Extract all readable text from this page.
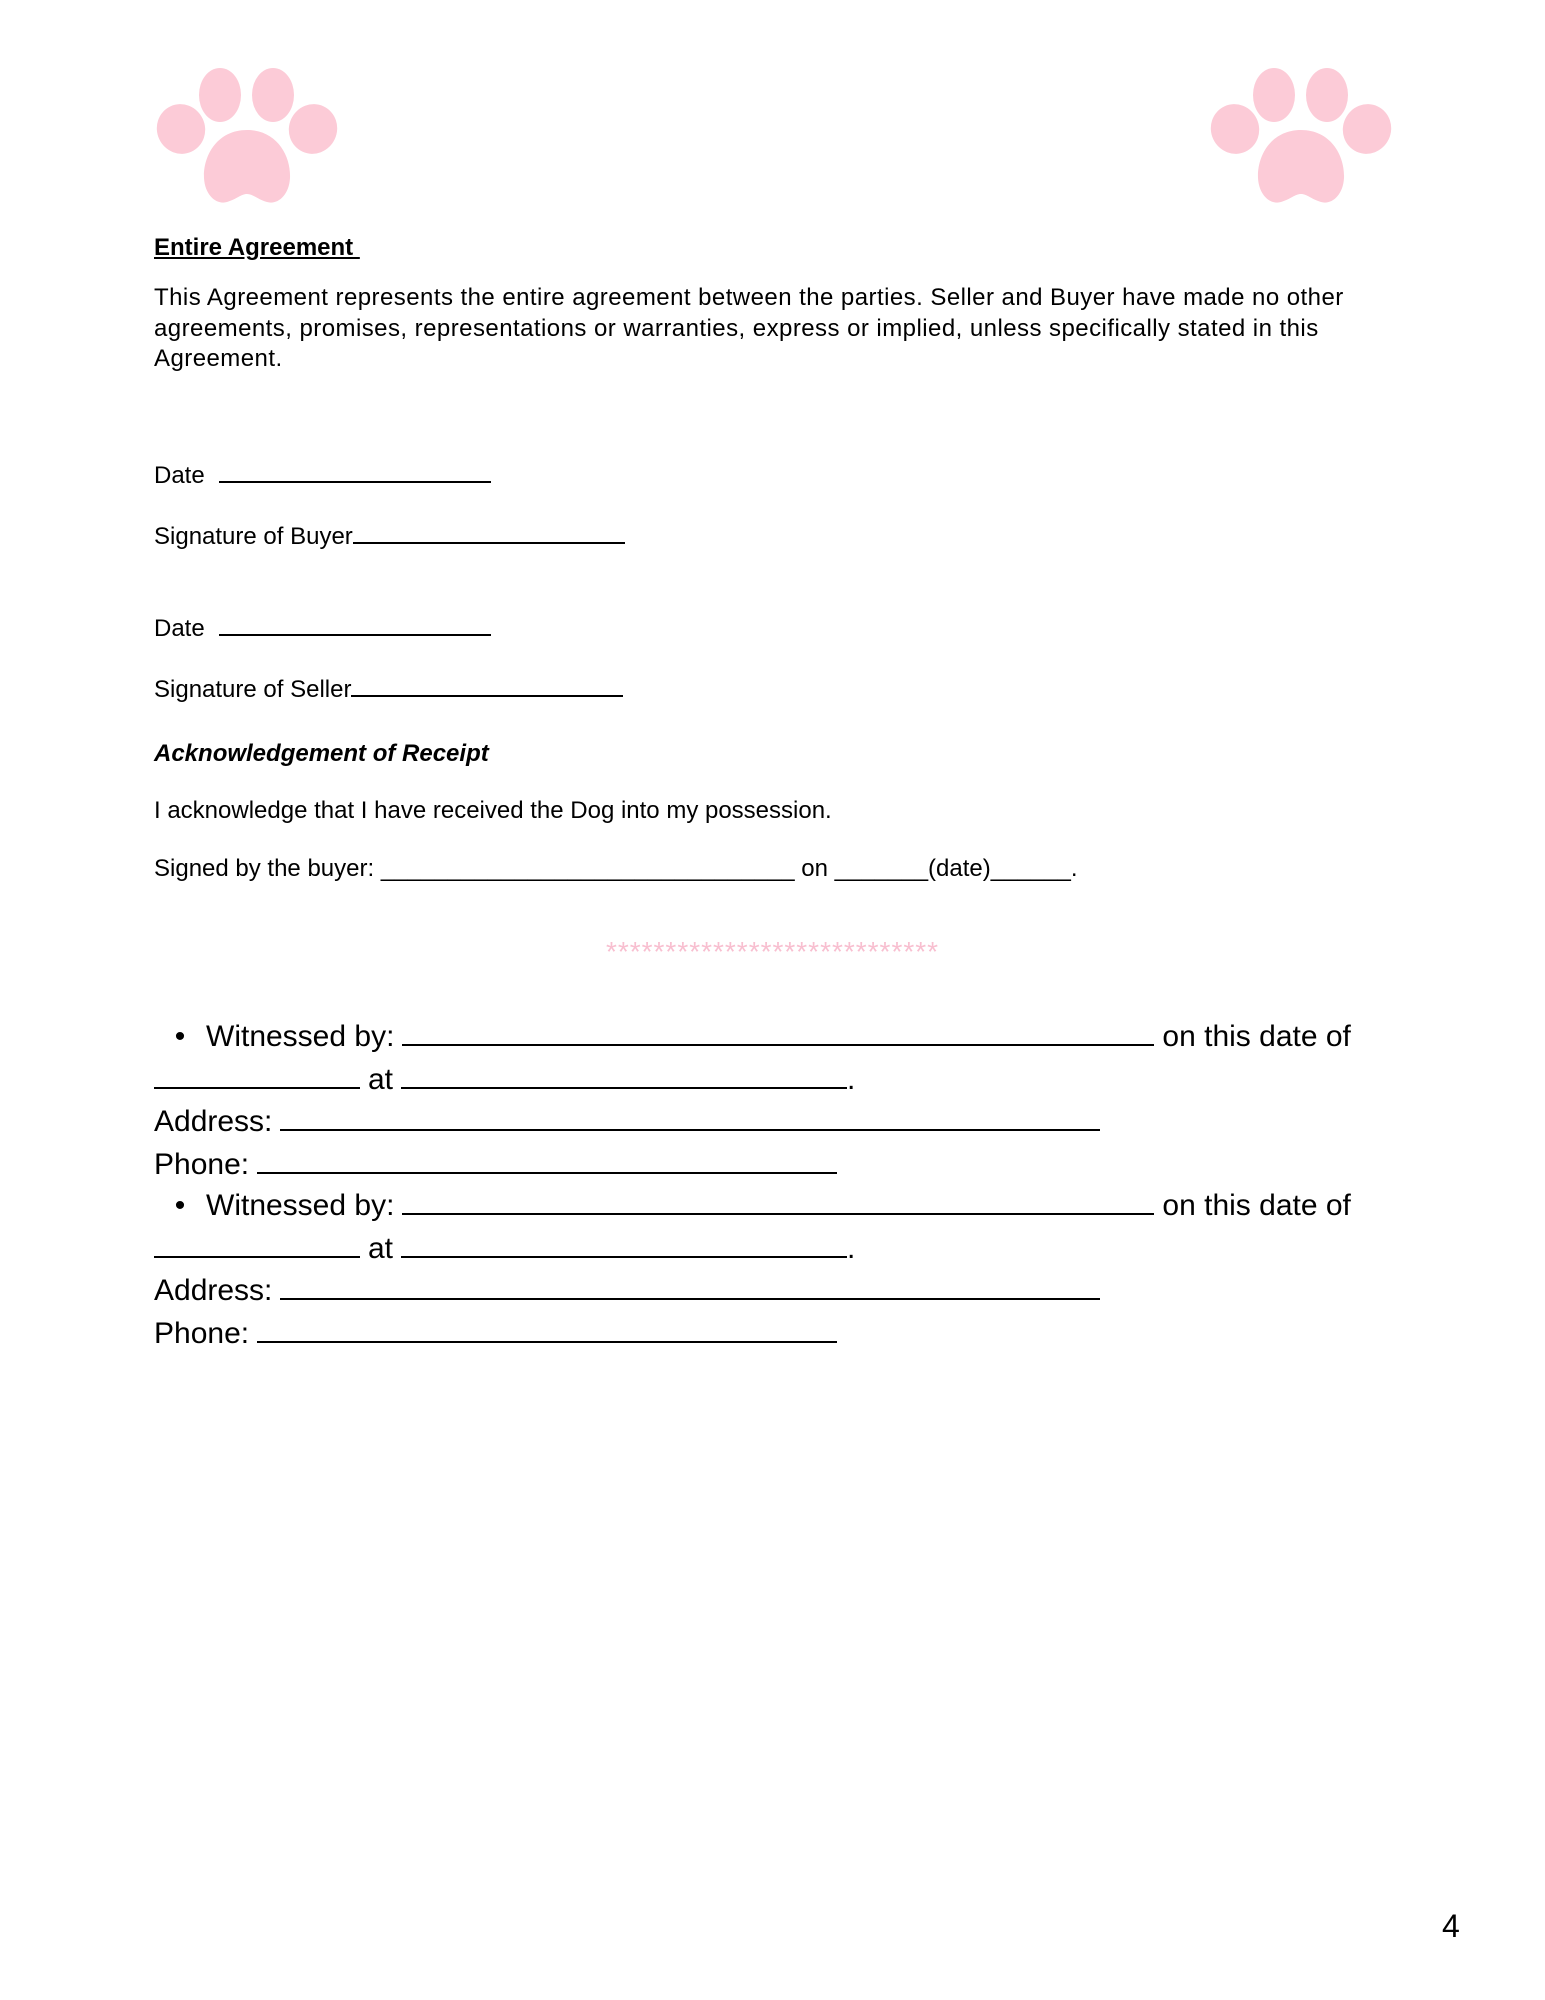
Entire Agreement
This Agreement represents the entire agreement between the parties. Seller and Buyer have made no other agreements, promises, representations or warranties, express or implied, unless specifically stated in this Agreement.
Date
Signature of Buyer
Date
Signature of Seller
Acknowledgement of Receipt
I acknowledge that I have received the Dog into my possession.
Signed by the buyer: _______________________________ on _______(date)______.
****************************
• Witnessed by:	on this date of
at	.
Address:
Phone:
• Witnessed by:	on this date of
at	.
Address:
Phone:
4
